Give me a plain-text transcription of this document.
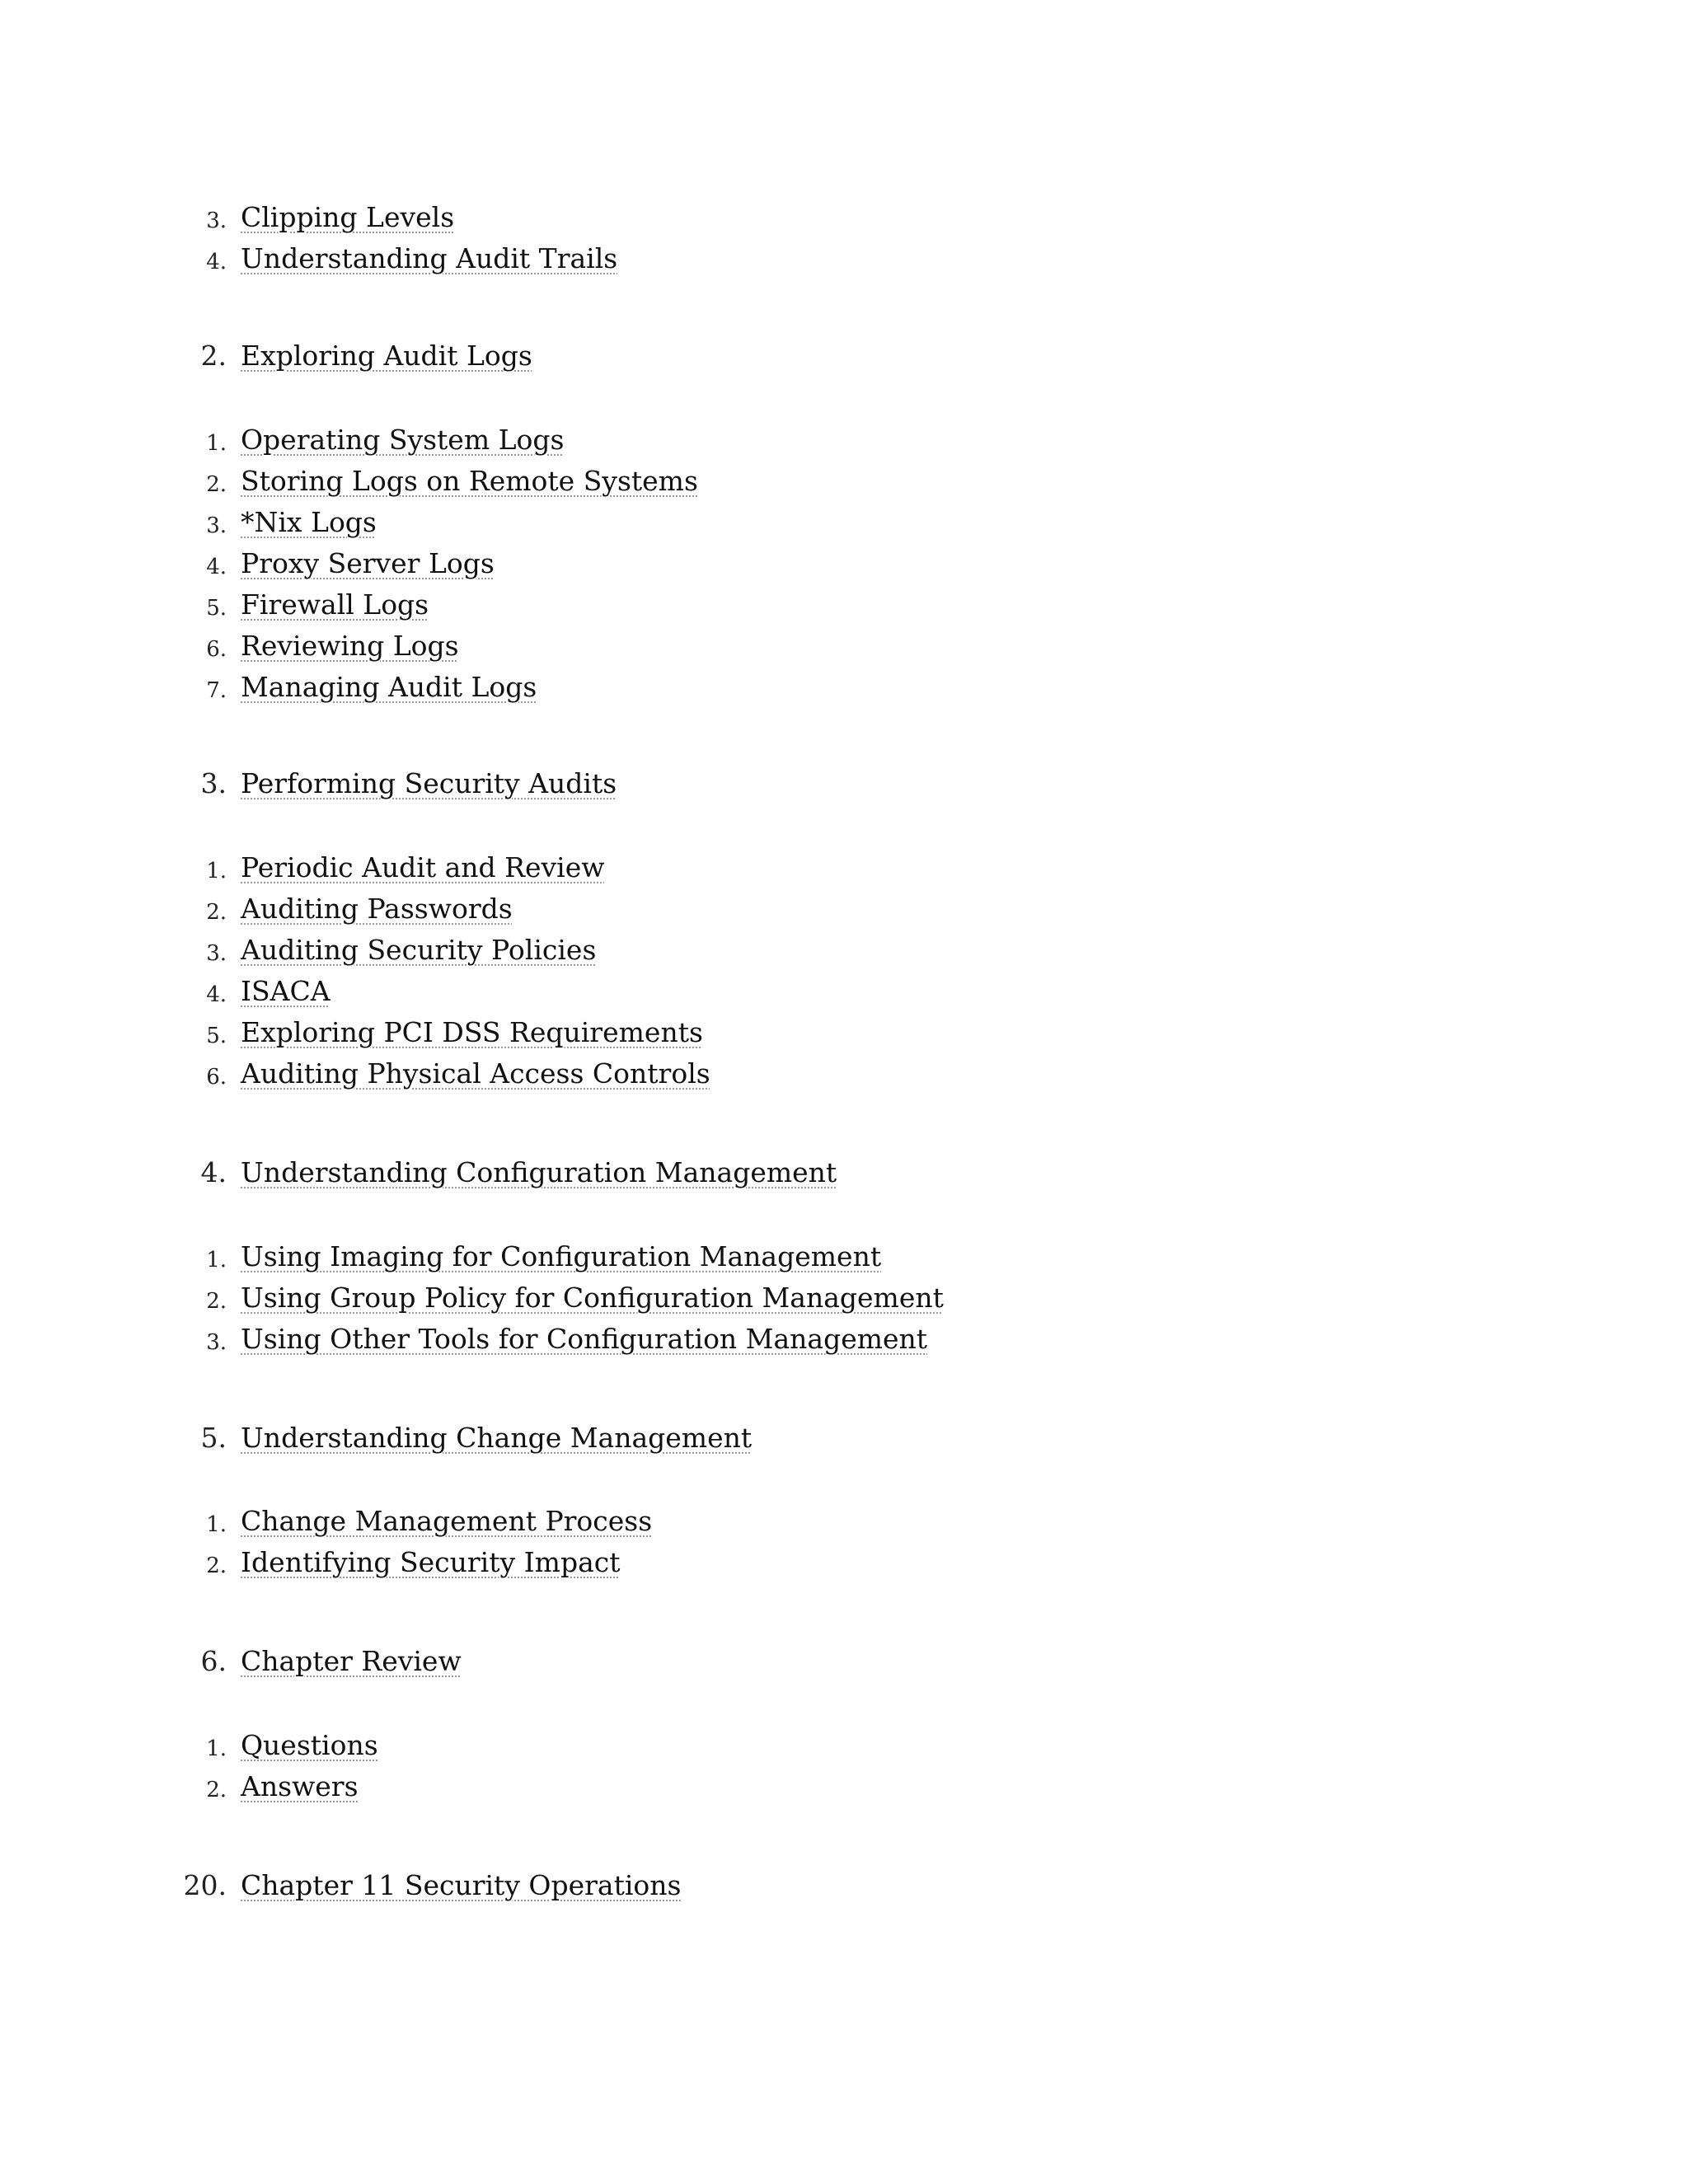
3. Clipping Levels
4. Understanding Audit Trails
2. Exploring Audit Logs
1. Operating System Logs
2. Storing Logs on Remote Systems
3. *Nix Logs
4. Proxy Server Logs
5. Firewall Logs
6. Reviewing Logs
7. Managing Audit Logs
3. Performing Security Audits
1. Periodic Audit and Review
2. Auditing Passwords
3. Auditing Security Policies
4. ISACA
5. Exploring PCI DSS Requirements
6. Auditing Physical Access Controls
4. Understanding Configuration Management
1. Using Imaging for Configuration Management
2. Using Group Policy for Configuration Management
3. Using Other Tools for Configuration Management
5. Understanding Change Management
1. Change Management Process
2. Identifying Security Impact
6. Chapter Review
1. Questions
2. Answers
20. Chapter 11 Security Operations
